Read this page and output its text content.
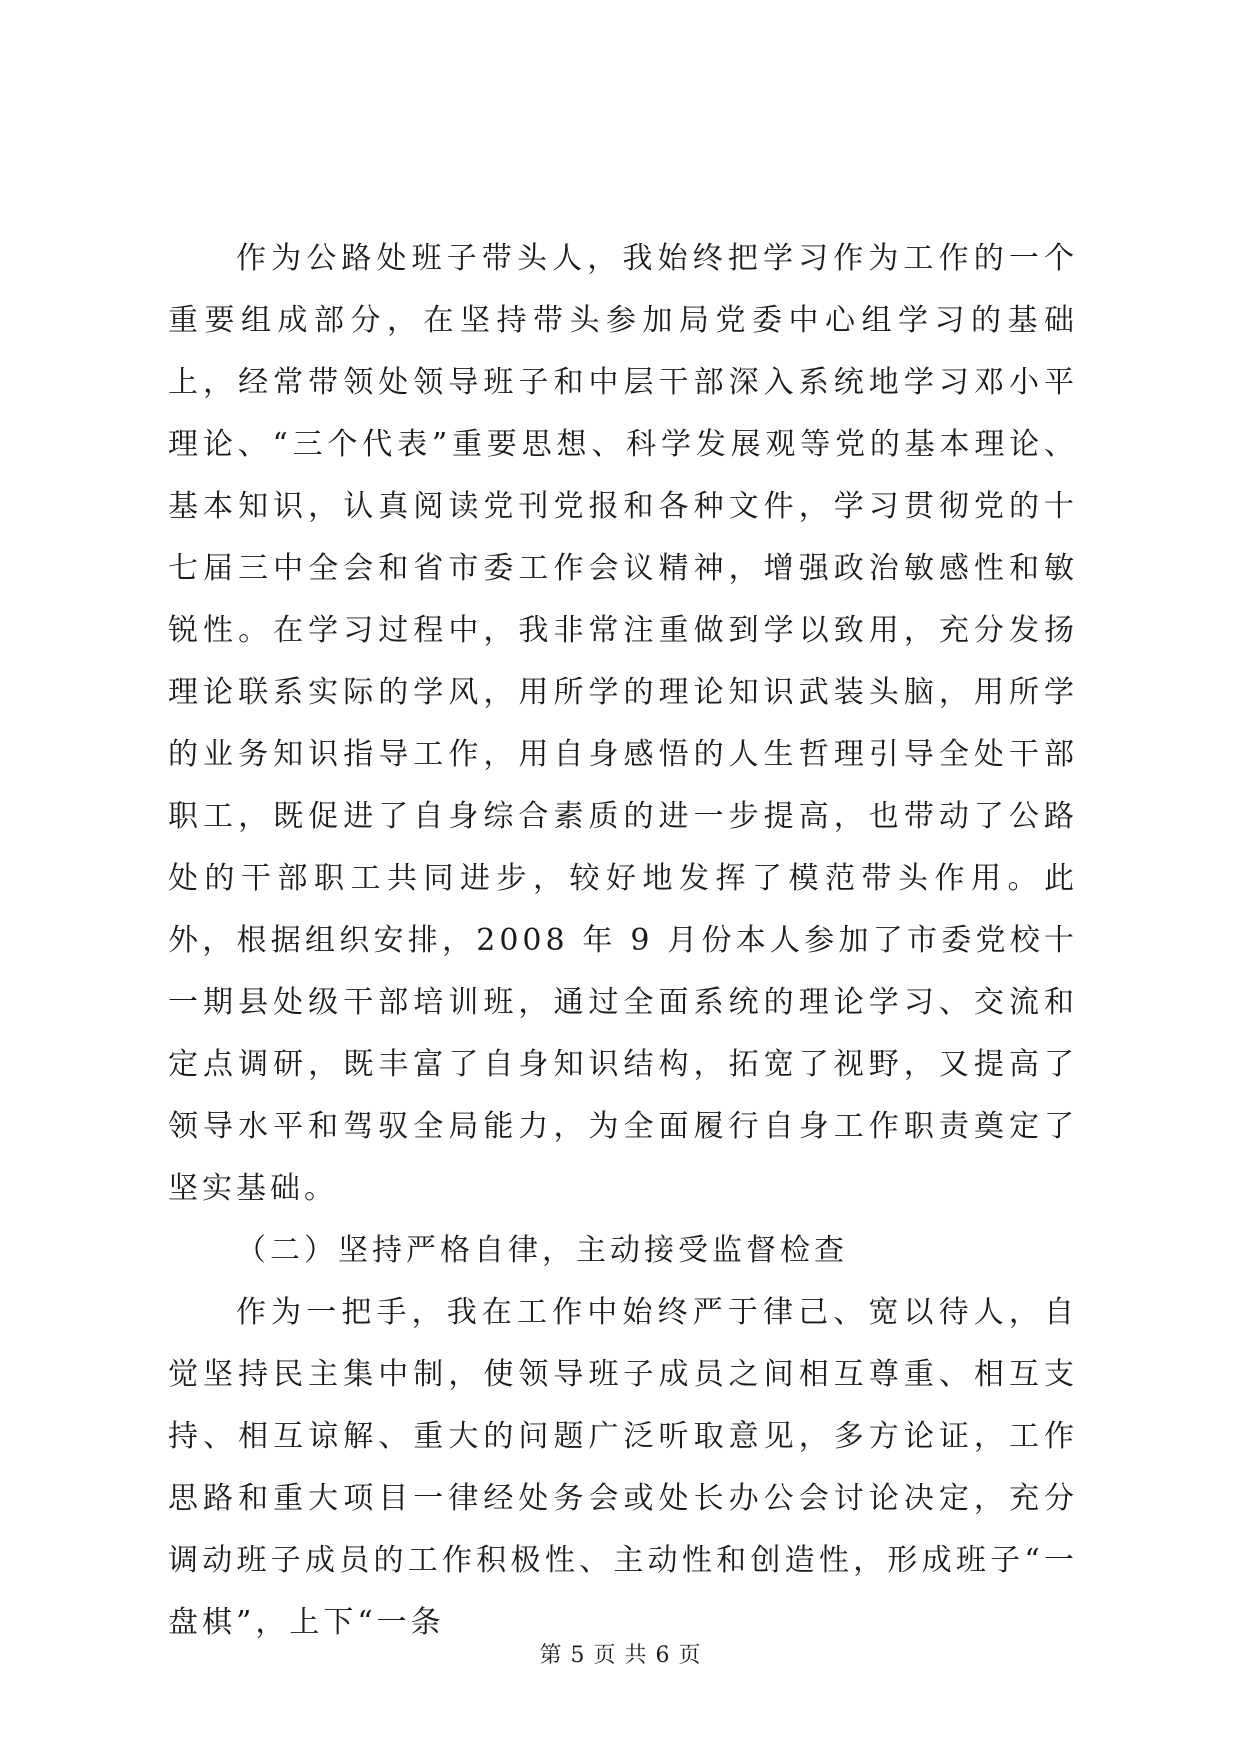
作为公路处班子带头人，我始终把学习作为工作的一个重要组成部分，在坚持带头参加局党委中心组学习的基础上，经常带领处领导班子和中层干部深入系统地学习邓小平理论、“三个代表”重要思想、科学发展观等党的基本理论、基本知识，认真阅读党刊党报和各种文件，学习贯彻党的十七届三中全会和省市委工作会议精神，增强政治敏感性和敏锐性。在学习过程中，我非常注重做到学以致用，充分发扬理论联系实际的学风，用所学的理论知识武装头脑，用所学的业务知识指导工作，用自身感悟的人生哲理引导全处干部职工，既促进了自身综合素质的进一步提高，也带动了公路处的干部职工共同进步，较好地发挥了模范带头作用。此外，根据组织安排，2008 年 9 月份本人参加了市委党校十一期县处级干部培训班，通过全面系统的理论学习、交流和定点调研，既丰富了自身知识结构，拓宽了视野，又提高了领导水平和驾驭全局能力，为全面履行自身工作职责奠定了坚实基础。

（二）坚持严格自律，主动接受监督检查

作为一把手，我在工作中始终严于律己、宽以待人，自觉坚持民主集中制，使领导班子成员之间相互尊重、相互支持、相互谅解、重大的问题广泛听取意见，多方论证，工作思路和重大项目一律经处务会或处长办公会讨论决定，充分调动班子成员的工作积极性、主动性和创造性，形成班子“一盘棋”，上下“一条

第 5 页 共 6 页
